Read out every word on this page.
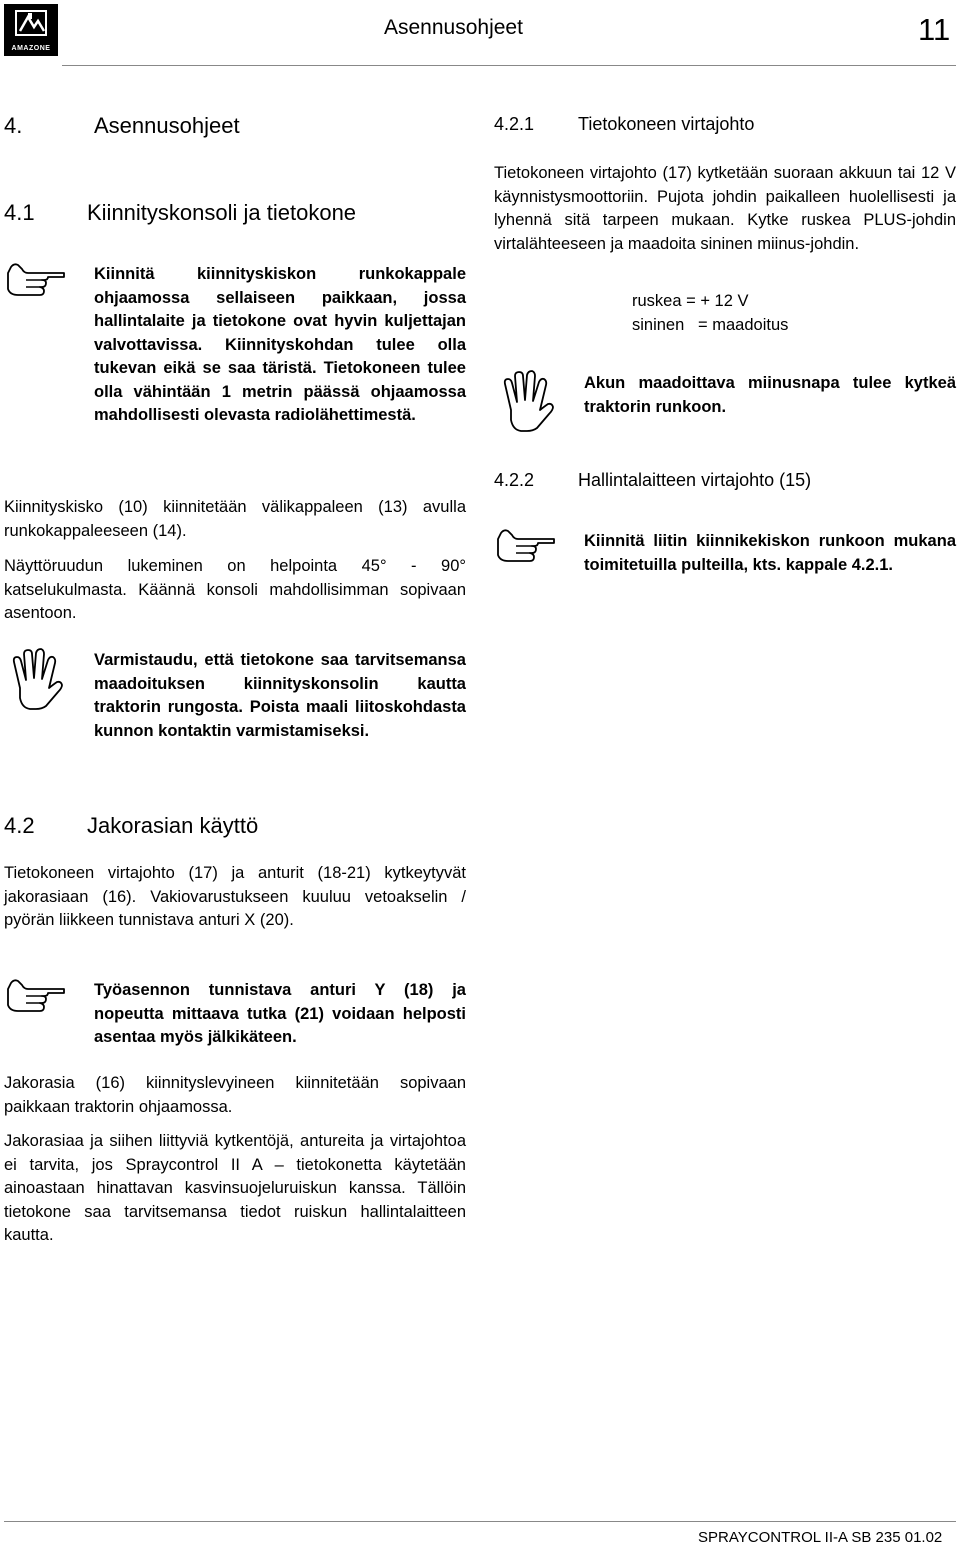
AMAZONE
Asennusohjeet	11
4.	Asennusohjeet
4.1 Kiinnityskonsoli ja tietokone

Kiinnitä kiinnityskiskon runkokappale ohjaamossa sellaiseen paikkaan, jossa hallintalaite ja tietokone ovat hyvin kuljettajan valvottavissa. Kiinnityskohdan tulee olla tukevan eikä se saa täristä. Tietokoneen tulee olla vähintään 1 metrin päässä ohjaamossa mahdollisesti olevasta radiolähettimestä.

Kiinnityskisko (10) kiinnitetään välikappaleen (13) avulla runkokappaleeseen (14).

Näyttöruudun lukeminen on helpointa 45° - 90° katselukulmasta. Käännä konsoli mahdollisimman sopivaan asentoon.

Varmistaudu, että tietokone saa tarvitsemansa maadoituksen kiinnityskonsolin kautta traktorin rungosta. Poista maali liitoskohdasta kunnon kontaktin varmistamiseksi.

4.2 Jakorasian käyttö

Tietokoneen virtajohto (17) ja anturit (18-21) kytkeytyvät jakorasiaan (16). Vakiovarustukseen kuuluu vetoakselin / pyörän liikkeen tunnistava anturi X (20).

Työasennon tunnistava anturi Y (18) ja nopeutta mittaava tutka (21) voidaan helposti asentaa myös jälkikäteen.

Jakorasia (16) kiinnityslevyineen kiinnitetään sopivaan paikkaan traktorin ohjaamossa.

Jakorasiaa ja siihen liittyviä kytkentöjä, antureita ja virtajohtoa ei tarvita, jos Spraycontrol II A – tietokonetta käytetään ainoastaan hinattavan kasvinsuojeluruiskun kanssa. Tällöin tietokone saa tarvitsemansa tiedot ruiskun hallintalaitteen kautta.

4.2.1 Tietokoneen virtajohto

Tietokoneen virtajohto (17) kytketään suoraan akkuun tai 12 V käynnistysmoottoriin. Pujota johdin paikalleen huolellisesti ja lyhennä sitä tarpeen mukaan. Kytke ruskea PLUS-johdin virtalähteeseen ja maadoita sininen miinus-johdin.

ruskea = + 12 V
sininen   = maadoitus

Akun maadoittava miinusnapa tulee kytkeä traktorin runkoon.

4.2.2 Hallintalaitteen virtajohto (15)

Kiinnitä liitin kiinnikekiskon runkoon mukana toimitetuilla pulteilla, kts. kappale 4.2.1.

SPRAYCONTROL II-A SB 235 01.02
